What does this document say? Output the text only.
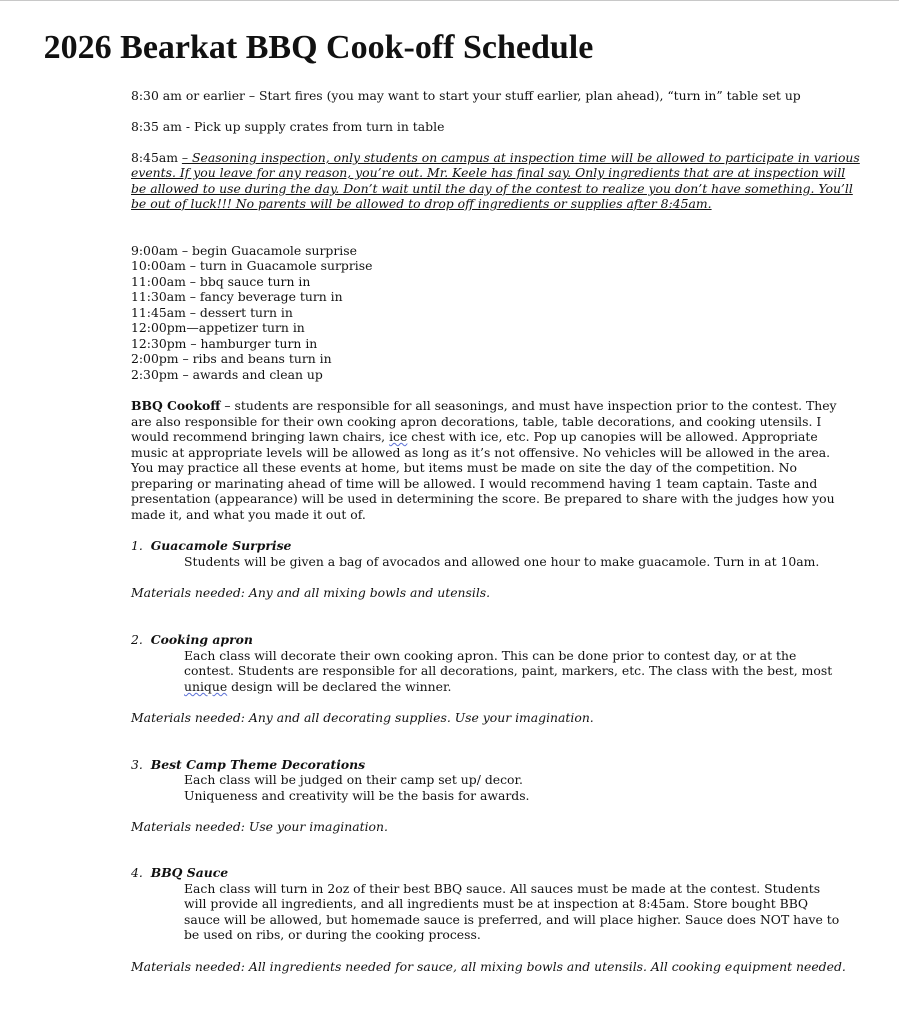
2026 Bearkat BBQ Cook-off Schedule
8:30 am or earlier – Start fires (you may want to start your stuff earlier, plan ahead), “turn in” table set up
8:35 am - Pick up supply crates from turn in table
8:45am – Seasoning inspection, only students on campus at inspection time will be allowed to participate in various
events. If you leave for any reason, you’re out. Mr. Keele has final say. Only ingredients that are at inspection will
be allowed to use during the day. Don’t wait until the day of the contest to realize you don’t have something. You’ll
be out of luck!!! No parents will be allowed to drop off ingredients or supplies after 8:45am.
9:00am – begin Guacamole surprise
10:00am – turn in Guacamole surprise
11:00am – bbq sauce turn in
11:30am – fancy beverage turn in
11:45am – dessert turn in
12:00pm—appetizer turn in
12:30pm – hamburger turn in
2:00pm – ribs and beans turn in
2:30pm – awards and clean up
BBQ Cookoff – students are responsible for all seasonings, and must have inspection prior to the contest. They
are also responsible for their own cooking apron decorations, table, table decorations, and cooking utensils. I
would recommend bringing lawn chairs, ice chest with ice, etc. Pop up canopies will be allowed. Appropriate
music at appropriate levels will be allowed as long as it’s not offensive. No vehicles will be allowed in the area.
You may practice all these events at home, but items must be made on site the day of the competition. No
preparing or marinating ahead of time will be allowed. I would recommend having 1 team captain. Taste and
presentation (appearance) will be used in determining the score. Be prepared to share with the judges how you
made it, and what you made it out of.
1. Guacamole Surprise
Students will be given a bag of avocados and allowed one hour to make guacamole. Turn in at 10am.
Materials needed: Any and all mixing bowls and utensils.
2. Cooking apron
Each class will decorate their own cooking apron. This can be done prior to contest day, or at the
contest. Students are responsible for all decorations, paint, markers, etc. The class with the best, most
unique design will be declared the winner.
Materials needed: Any and all decorating supplies. Use your imagination.
3. Best Camp Theme Decorations
Each class will be judged on their camp set up/ decor.
Uniqueness and creativity will be the basis for awards.
Materials needed: Use your imagination.
4. BBQ Sauce
Each class will turn in 2oz of their best BBQ sauce. All sauces must be made at the contest. Students
will provide all ingredients, and all ingredients must be at inspection at 8:45am. Store bought BBQ
sauce will be allowed, but homemade sauce is preferred, and will place higher. Sauce does NOT have to
be used on ribs, or during the cooking process.
Materials needed: All ingredients needed for sauce, all mixing bowls and utensils. All cooking equipment needed.
